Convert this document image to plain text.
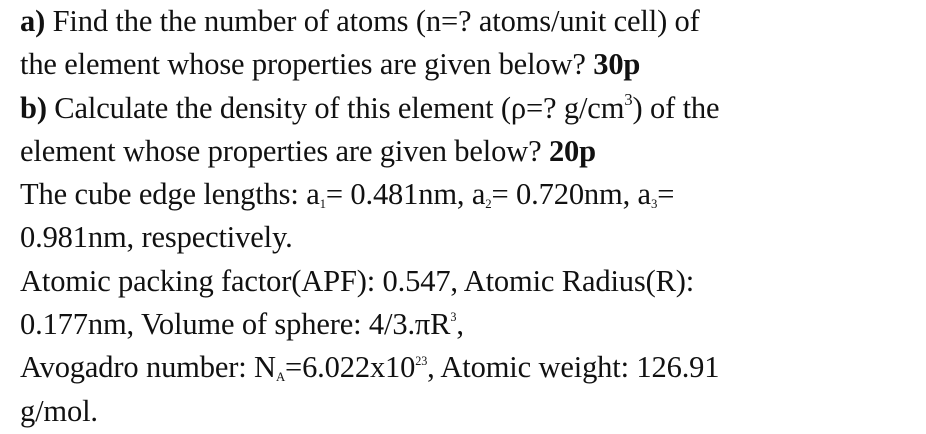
a) Find the the number of atoms (n=? atoms/unit cell) of
the element whose properties are given below? 30p
b) Calculate the density of this element (ρ=? $g/cm^3$) of the
element whose properties are given below? 20p
The cube edge lengths: $a_1= 0.481nm$, $a_2= 0.720nm$, $a_3=$
0.981nm, respectively.
Atomic packing factor(APF): 0.547, Atomic Radius(R):
0.177nm, Volume of sphere: $4/3.\pi R^3$,
Avogadro number: $N_A=6.022x10^{23}$, Atomic weight: 126.91
g/mol.
